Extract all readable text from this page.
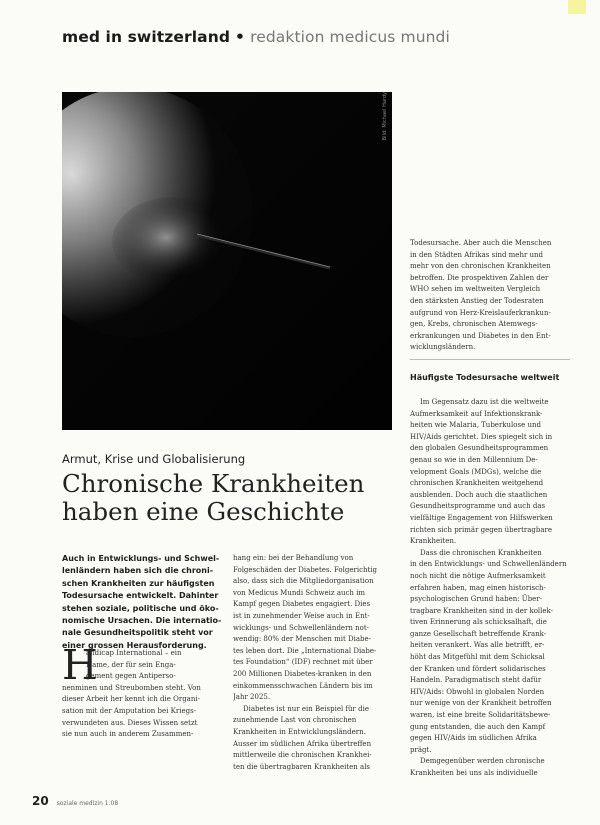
med in switzerland • redaktion medicus mundi
Bild: Michael Hardy
Armut, Krise und Globalisierung
Chronische Krankheiten
haben eine Geschichte
Auch in Entwicklungs- und Schwel-
lenländern haben sich die chroni-
schen Krankheiten zur häufigsten
Todesursache entwickelt. Dahinter
stehen soziale, politische und öko-
nomische Ursachen. Die internatio-
nale Gesundheitspolitik steht vor
einer grossen Herausforderung.
H
andicap International – ein
Name, der für sein Enga-
gement gegen Antiperso-
nenminen und Streubomben steht. Von
dieser Arbeit her kennt ich die Organi-
sation mit der Amputation bei Kriegs-
verwundeten aus. Dieses Wissen setzt
sie nun auch in anderem Zusammen-
hang ein: bei der Behandlung von
Folgeschäden der Diabetes. Folgerichtig
also, dass sich die Mitgliedorganisation
von Medicus Mundi Schweiz auch im
Kampf gegen Diabetes engagiert. Dies
ist in zunehmender Weise auch in Ent-
wicklungs- und Schwellenländern not-
wendig: 80% der Menschen mit Diabe-
tes leben dort. Die „International Diabe-
tes Foundation“ (IDF) rechnet mit über
200 Millionen Diabetes-kranken in den
einkommensschwachen Ländern bis im
Jahr 2025.
Diabetes ist nur ein Beispiel für die
zunehmende Last von chronischen
Krankheiten in Entwicklungsländern.
Ausser im südlichen Afrika übertreffen
mittlerweile die chronischen Krankhei-
ten die übertragbaren Krankheiten als
Todesursache. Aber auch die Menschen
in den Städten Afrikas sind mehr und
mehr von den chronischen Krankheiten
betroffen. Die prospektiven Zahlen der
WHO sehen im weltweiten Vergleich
den stärksten Anstieg der Todesraten
aufgrund von Herz-Kreislauferkrankun-
gen, Krebs, chronischen Atemwegs-
erkrankungen und Diabetes in den Ent-
wicklungsländern.
Häufigste Todesursache weltweit
Im Gegensatz dazu ist die weltweite
Aufmerksamkeit auf Infektionskrank-
heiten wie Malaria, Tuberkulose und
HIV/Aids gerichtet. Dies spiegelt sich in
den globalen Gesundheitsprogrammen
genau so wie in den Millennium De-
velopment Goals (MDGs), welche die
chronischen Krankheiten weitgehend
ausblenden. Doch auch die staatlichen
Gesundheitsprogramme und auch das
vielfältige Engagement von Hilfswerken
richten sich primär gegen übertragbare
Krankheiten.
Dass die chronischen Krankheiten
in den Entwicklungs- und Schwellenländern
noch nicht die nötige Aufmerksamkeit
erfahren haben, mag einen historisch-
psychologischen Grund haben: Über-
tragbare Krankheiten sind in der kollek-
tiven Erinnerung als schicksalhaft, die
ganze Gesellschaft betreffende Krank-
heiten verankert. Was alle betrifft, er-
höht das Mitgefühl mit dem Schicksal
der Kranken und fördert solidarisches
Handeln. Paradigmatisch steht dafür
HIV/Aids: Obwohl in globalen Norden
nur wenige von der Krankheit betroffen
waren, ist eine breite Solidaritätsbewe-
gung entstanden, die auch den Kampf
gegen HIV/Aids im südlichen Afrika
prägt.
Demgegenüber werden chronische
Krankheiten bei uns als individuelle
20 soziale medizin 1.08
